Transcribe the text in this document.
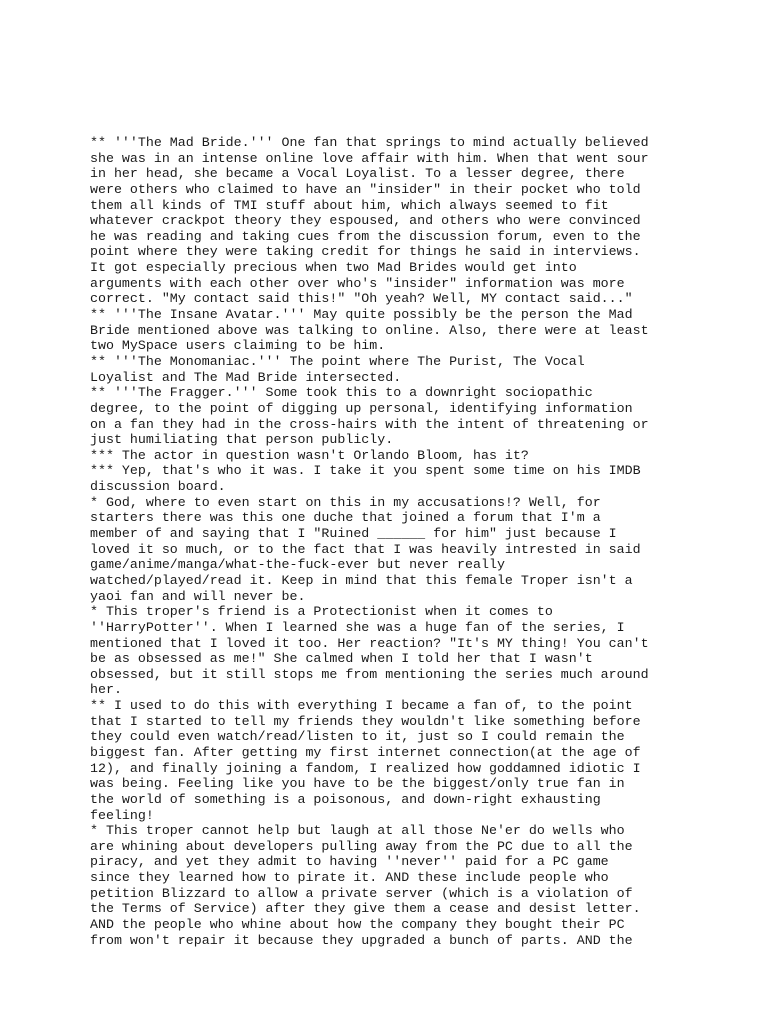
** '''The Mad Bride.''' One fan that springs to mind actually believed
she was in an intense online love affair with him. When that went sour
in her head, she became a Vocal Loyalist. To a lesser degree, there
were others who claimed to have an "insider" in their pocket who told
them all kinds of TMI stuff about him, which always seemed to fit
whatever crackpot theory they espoused, and others who were convinced
he was reading and taking cues from the discussion forum, even to the
point where they were taking credit for things he said in interviews.
It got especially precious when two Mad Brides would get into
arguments with each other over who's "insider" information was more
correct. "My contact said this!" "Oh yeah? Well, MY contact said..."
** '''The Insane Avatar.''' May quite possibly be the person the Mad
Bride mentioned above was talking to online. Also, there were at least
two MySpace users claiming to be him.
** '''The Monomaniac.''' The point where The Purist, The Vocal
Loyalist and The Mad Bride intersected.
** '''The Fragger.''' Some took this to a downright sociopathic
degree, to the point of digging up personal, identifying information
on a fan they had in the cross-hairs with the intent of threatening or
just humiliating that person publicly.
*** The actor in question wasn't Orlando Bloom, has it?
*** Yep, that's who it was. I take it you spent some time on his IMDB
discussion board.
* God, where to even start on this in my accusations!? Well, for
starters there was this one duche that joined a forum that I'm a
member of and saying that I "Ruined ______ for him" just because I
loved it so much, or to the fact that I was heavily intrested in said
game/anime/manga/what-the-fuck-ever but never really
watched/played/read it. Keep in mind that this female Troper isn't a
yaoi fan and will never be.
* This troper's friend is a Protectionist when it comes to
''HarryPotter''. When I learned she was a huge fan of the series, I
mentioned that I loved it too. Her reaction? "It's MY thing! You can't
be as obsessed as me!" She calmed when I told her that I wasn't
obsessed, but it still stops me from mentioning the series much around
her.
** I used to do this with everything I became a fan of, to the point
that I started to tell my friends they wouldn't like something before
they could even watch/read/listen to it, just so I could remain the
biggest fan. After getting my first internet connection(at the age of
12), and finally joining a fandom, I realized how goddamned idiotic I
was being. Feeling like you have to be the biggest/only true fan in
the world of something is a poisonous, and down-right exhausting
feeling!
* This troper cannot help but laugh at all those Ne'er do wells who
are whining about developers pulling away from the PC due to all the
piracy, and yet they admit to having ''never'' paid for a PC game
since they learned how to pirate it. AND these include people who
petition Blizzard to allow a private server (which is a violation of
the Terms of Service) after they give them a cease and desist letter.
AND the people who whine about how the company they bought their PC
from won't repair it because they upgraded a bunch of parts. AND the
